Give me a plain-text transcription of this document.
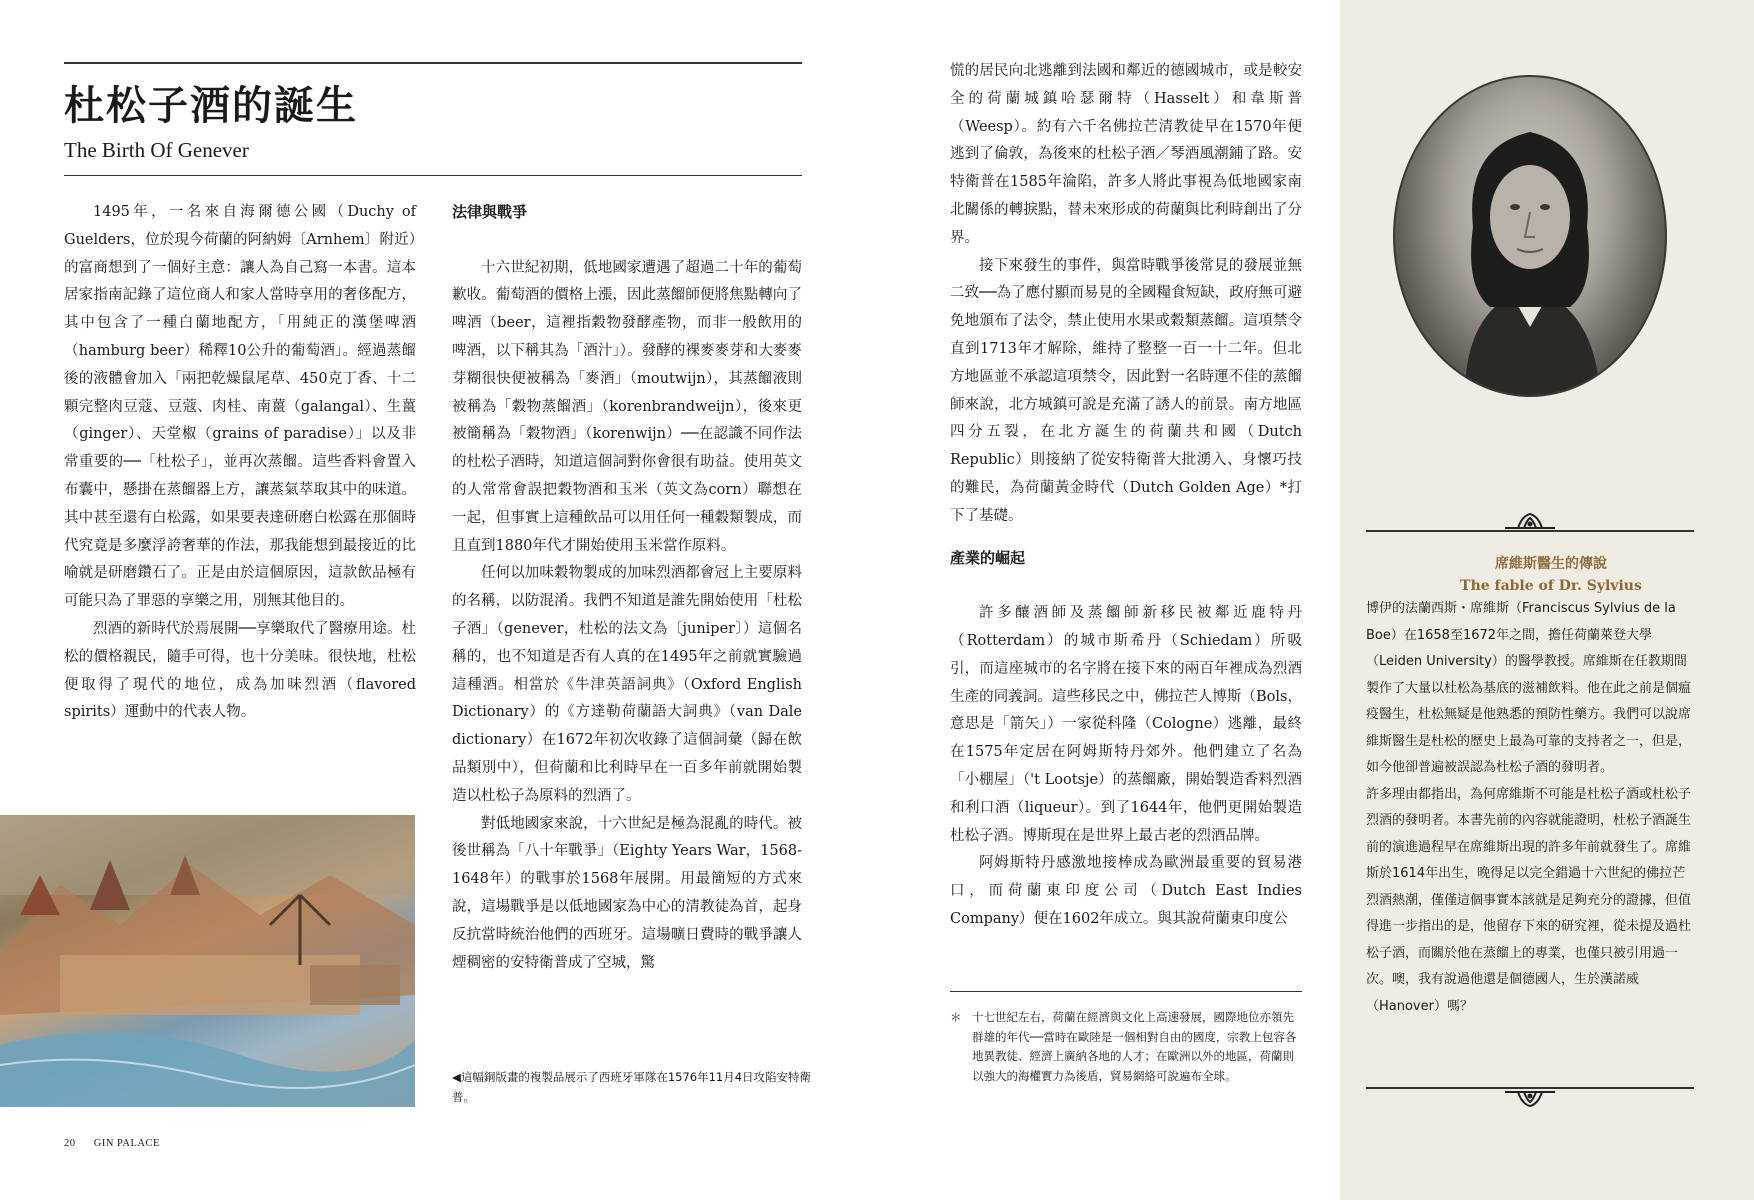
杜松子酒的誕生
The Birth Of Genever

1495年，一名來自海爾德公國（Duchy of Guelders，位於現今荷蘭的阿納姆〔Arnhem〕附近）的富商想到了一個好主意：讓人為自己寫一本書。這本居家指南記錄了這位商人和家人當時享用的奢侈配方，其中包含了一種白蘭地配方，「用純正的漢堡啤酒（hamburg beer）稀釋10公升的葡萄酒」。經過蒸餾後的液體會加入「兩把乾燥鼠尾草、450克丁香、十二顆完整肉豆蔻、豆蔻、肉桂、南薑（galangal）、生薑（ginger）、天堂椒（grains of paradise）」以及非常重要的──「杜松子」，並再次蒸餾。這些香料會置入布囊中，懸掛在蒸餾器上方，讓蒸氣萃取其中的味道。其中甚至還有白松露，如果要表達研磨白松露在那個時代究竟是多麼浮誇奢華的作法，那我能想到最接近的比喻就是研磨鑽石了。正是由於這個原因，這款飲品極有可能只為了罪惡的享樂之用，別無其他目的。

烈酒的新時代於焉展開──享樂取代了醫療用途。杜松的價格親民，隨手可得，也十分美味。很快地，杜松便取得了現代的地位，成為加味烈酒（flavored spirits）運動中的代表人物。

法律與戰爭

十六世紀初期，低地國家遭遇了超過二十年的葡萄歉收。葡萄酒的價格上漲，因此蒸餾師便將焦點轉向了啤酒（beer，這裡指穀物發酵產物，而非一般飲用的啤酒，以下稱其為「酒汁」）。發酵的裸麥麥芽和大麥麥芽糊很快便被稱為「麥酒」（moutwijn），其蒸餾液則被稱為「穀物蒸餾酒」（korenbrandweijn），後來更被簡稱為「穀物酒」（korenwijn）──在認識不同作法的杜松子酒時，知道這個詞對你會很有助益。使用英文的人常常會誤把穀物酒和玉米（英文為corn）聯想在一起，但事實上這種飲品可以用任何一種穀類製成，而且直到1880年代才開始使用玉米當作原料。

任何以加味穀物製成的加味烈酒都會冠上主要原料的名稱，以防混淆。我們不知道是誰先開始使用「杜松子酒」（genever，杜松的法文為〔juniper〕）這個名稱的，也不知道是否有人真的在1495年之前就實驗過這種酒。相當於《牛津英語詞典》（Oxford English Dictionary）的《方達勒荷蘭語大詞典》（van Dale dictionary）在1672年初次收錄了這個詞彙（歸在飲品類別中），但荷蘭和比利時早在一百多年前就開始製造以杜松子為原料的烈酒了。

對低地國家來說，十六世紀是極為混亂的時代。被後世稱為「八十年戰爭」（Eighty Years War，1568-1648年）的戰事於1568年展開。用最簡短的方式來說，這場戰爭是以低地國家為中心的清教徒為首，起身反抗當時統治他們的西班牙。這場曠日費時的戰爭讓人煙稠密的安特衛普成了空城，驚

◀這幅銅版畫的複製品展示了西班牙軍隊在1576年11月4日攻陷安特衛普。

慌的居民向北逃離到法國和鄰近的德國城市，或是較安全的荷蘭城鎮哈瑟爾特（Hasselt）和韋斯普（Weesp）。約有六千名佛拉芒清教徒早在1570年便逃到了倫敦，為後來的杜松子酒／琴酒風潮鋪了路。安特衛普在1585年淪陷，許多人將此事視為低地國家南北關係的轉捩點，替未來形成的荷蘭與比利時創出了分界。

接下來發生的事件，與當時戰爭後常見的發展並無二致──為了應付顯而易見的全國糧食短缺，政府無可避免地頒布了法令，禁止使用水果或穀類蒸餾。這項禁令直到1713年才解除，維持了整整一百一十二年。但北方地區並不承認這項禁令，因此對一名時運不佳的蒸餾師來說，北方城鎮可說是充滿了誘人的前景。南方地區四分五裂，在北方誕生的荷蘭共和國（Dutch Republic）則接納了從安特衛普大批湧入、身懷巧技的難民，為荷蘭黃金時代（Dutch Golden Age）*打下了基礎。

產業的崛起

許多釀酒師及蒸餾師新移民被鄰近鹿特丹（Rotterdam）的城市斯希丹（Schiedam）所吸引，而這座城市的名字將在接下來的兩百年裡成為烈酒生產的同義詞。這些移民之中，佛拉芒人博斯（Bols，意思是「箭矢」）一家從科隆（Cologne）逃離，最終在1575年定居在阿姆斯特丹郊外。他們建立了名為「小棚屋」（'t Lootsje）的蒸餾廠，開始製造香料烈酒和利口酒（liqueur）。到了1644年，他們更開始製造杜松子酒。博斯現在是世界上最古老的烈酒品牌。

阿姆斯特丹感激地接棒成為歐洲最重要的貿易港口，而荷蘭東印度公司（Dutch East Indies Company）便在1602年成立。與其說荷蘭東印度公

＊ 十七世紀左右，荷蘭在經濟與文化上高速發展，國際地位亦領先群雄的年代──當時在歐陸是一個相對自由的國度，宗教上包容各地異教徒、經濟上廣納各地的人才；在歐洲以外的地區，荷蘭則以強大的海權實力為後盾，貿易網絡可說遍布全球。
20 GIN PALACE
席維斯醫生的傳說
The fable of Dr. Sylvius

博伊的法蘭西斯・席維斯（Franciscus Sylvius de la Boe）在1658至1672年之間，擔任荷蘭萊登大學（Leiden University）的醫學教授。席維斯在任教期間製作了大量以杜松為基底的滋補飲料。他在此之前是個瘟疫醫生，杜松無疑是他熟悉的預防性藥方。我們可以說席維斯醫生是杜松的歷史上最為可靠的支持者之一，但是，如今他卻普遍被誤認為杜松子酒的發明者。

許多理由都指出，為何席維斯不可能是杜松子酒或杜松子烈酒的發明者。本書先前的內容就能證明，杜松子酒誕生前的演進過程早在席維斯出現的許多年前就發生了。席維斯於1614年出生，晚得足以完全錯過十六世紀的佛拉芒烈酒熱潮，僅僅這個事實本該就是足夠充分的證據，但值得進一步指出的是，他留存下來的研究裡，從未提及過杜松子酒，而關於他在蒸餾上的專業，也僅只被引用過一次。噢，我有說過他還是個德國人，生於漢諾威（Hanover）嗎？
